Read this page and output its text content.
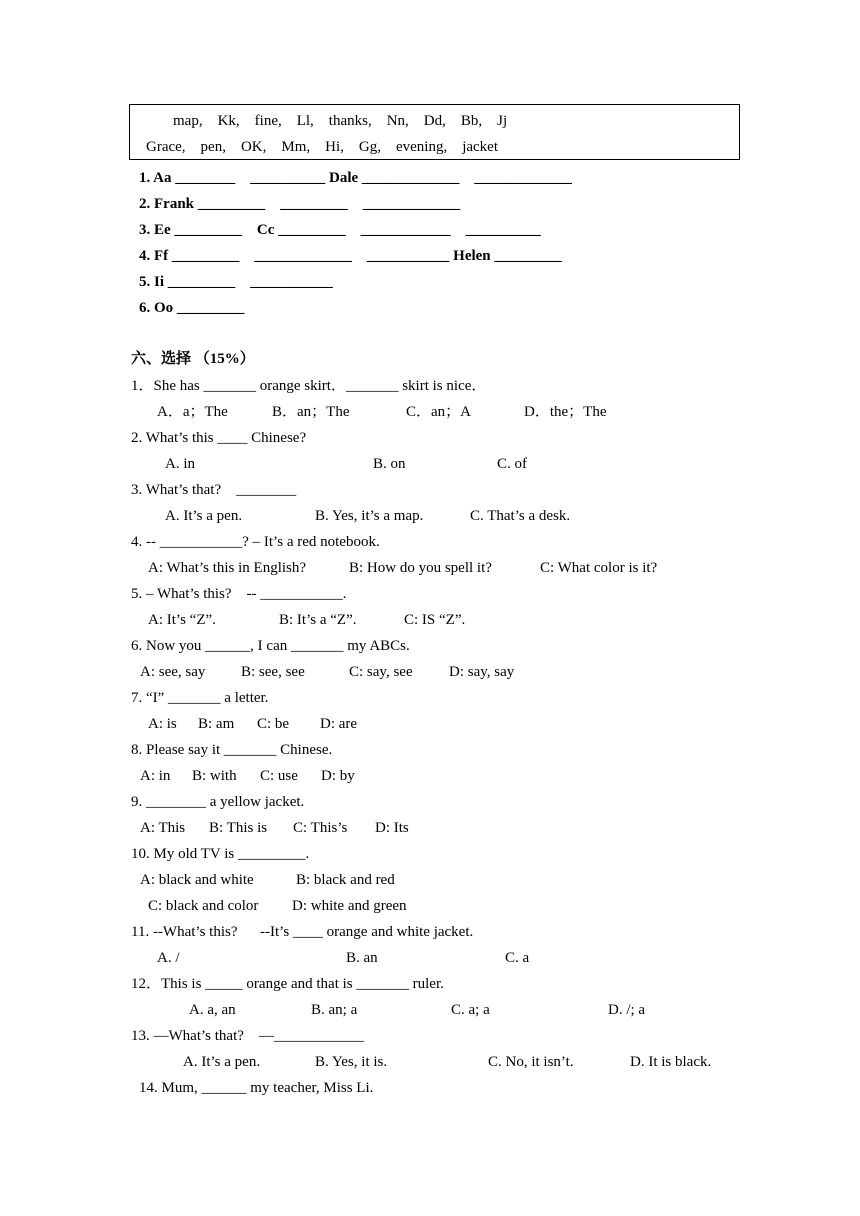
map,    Kk,    fine,    Ll,    thanks,    Nn,    Dd,    Bb,    Jj
Grace,    pen,    OK,    Mm,    Hi,    Gg,    evening,    jacket
1. Aa ________    __________ Dale _____________    _____________
2. Frank _________    _________    _____________
3. Ee _________    Cc _________    ____________    __________
4. Ff _________    _____________    ___________ Helen _________
5. Ii _________    ___________
6. Oo _________
六、选择 （15%）
1．She has _______ orange skirt．_______ skirt is nice．
A．a；The	B．an；The	C．an；A	D．the；The
2. What’s this ____ Chinese?
A. in	B. on	C. of
3. What’s that?    ________
A. It’s a pen.	B. Yes, it’s a map.	C. That’s a desk.
4. -- ___________? – It’s a red notebook.
A: What’s this in English?	B: How do you spell it?	C: What color is it?
5. – What’s this?    -- ___________.
A: It’s “Z”.	B: It’s a “Z”.	C: IS “Z”.
6. Now you ______, I can _______ my ABCs.
A: see, say B: see, see	C: say, see D: say, say
7. “I” _______ a letter.
A: is B: am C: be D: are
8. Please say it _______ Chinese.
A: in B: with C: use D: by
9. ________ a yellow jacket.
A: This B: This is C: This’s D: Its
10. My old TV is _________.
A: black and white	B: black and red
C: black and color D: white and green
11. --What’s this?      --It’s ____ orange and white jacket.
A. /	B. an	C. a
12．This is _____ orange and that is _______ ruler.
A. a, an	B. an; a	C. a; a	D. /; a
13. —What’s that?    —____________
A. It’s a pen.	B. Yes, it is.	C. No, it isn’t.	D. It is black.
14. Mum, ______ my teacher, Miss Li.
